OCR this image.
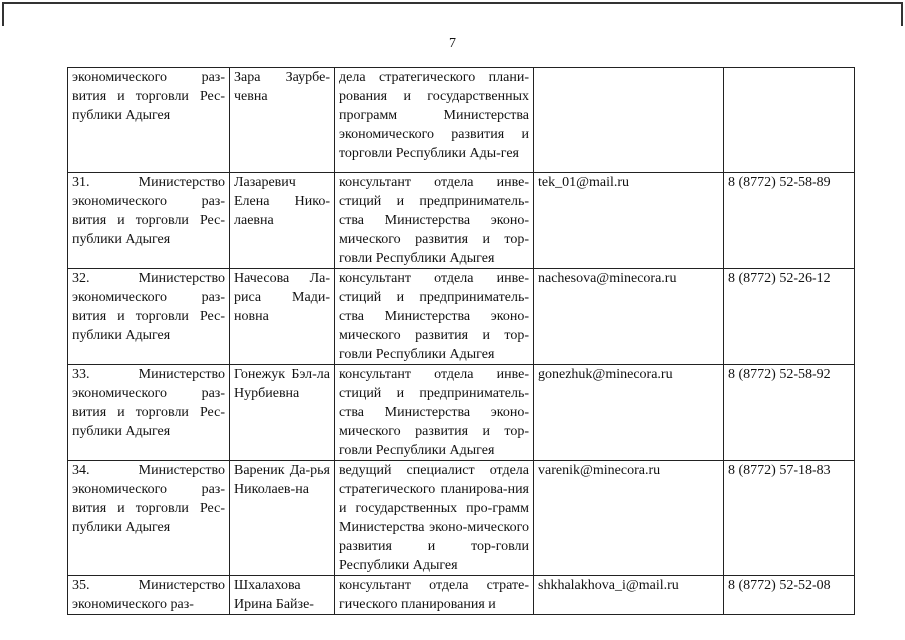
7
экономического раз-вития и торговли Рес-публики Адыгея	Зара Заурбе-чевна	дела стратегического плани-рования и государственных программ Министерства экономического развития и торговли Республики Ады-гея		
31. Министерство экономического раз-вития и торговли Рес-публики Адыгея	Лазаревич Елена Нико-лаевна	консультант отдела инве-стиций и предприниматель-ства Министерства эконо-мического развития и тор-говли Республики Адыгея	tek_01@mail.ru	8 (8772) 52-58-89
32. Министерство экономического раз-вития и торговли Рес-публики Адыгея	Начесова Ла-риса Мади-новна	консультант отдела инве-стиций и предприниматель-ства Министерства эконо-мического развития и тор-говли Республики Адыгея	nachesova@minecora.ru	8 (8772) 52-26-12
33. Министерство экономического раз-вития и торговли Рес-публики Адыгея	Гонежук Бэл-ла Нурбиевна	консультант отдела инве-стиций и предприниматель-ства Министерства эконо-мического развития и тор-говли Республики Адыгея	gonezhuk@minecora.ru	8 (8772) 52-58-92
34. Министерство экономического раз-вития и торговли Рес-публики Адыгея	Вареник Да-рья Николаев-на	ведущий специалист отдела стратегического планирова-ния и государственных про-грамм Министерства эконо-мического развития и тор-говли Республики Адыгея	varenik@minecora.ru	8 (8772) 57-18-83
35. Министерство экономического раз-	Шхалахова Ирина Байзе-	консультант отдела страте-гического планирования и	shkhalakhova_i@mail.ru	8 (8772) 52-52-08
